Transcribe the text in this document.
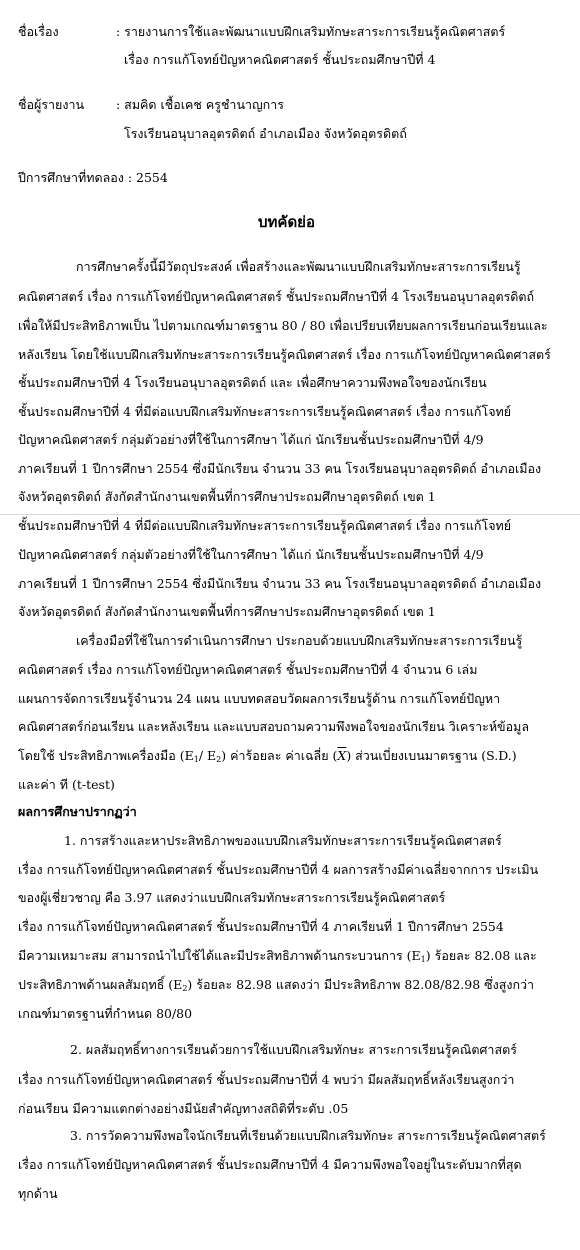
ชื่อเรื่อง	: รายงานการใช้และพัฒนาแบบฝึกเสริมทักษะสาระการเรียนรู้คณิตศาสตร์
เรื่อง การแก้โจทย์ปัญหาคณิตศาสตร์ ชั้นประถมศึกษาปีที่ 4
ชื่อผู้รายงาน	: สมคิด เชื้อเคช ครูชำนาญการ
โรงเรียนอนุบาลอุตรดิตถ์ อำเภอเมือง จังหวัดอุตรดิตถ์
ปีการศึกษาที่ทดลอง : 2554
บทคัดย่อ
การศึกษาครั้งนี้มีวัตถุประสงค์ เพื่อสร้างและพัฒนาแบบฝึกเสริมทักษะสาระการเรียนรู้
คณิตศาสตร์ เรื่อง การแก้โจทย์ปัญหาคณิตศาสตร์ ชั้นประถมศึกษาปีที่ 4 โรงเรียนอนุบาลอุตรดิตถ์
เพื่อให้มีประสิทธิภาพเป็น ไปตามเกณฑ์มาตรฐาน 80 / 80 เพื่อเปรียบเทียบผลการเรียนก่อนเรียนและ
หลังเรียน โดยใช้แบบฝึกเสริมทักษะสาระการเรียนรู้คณิตศาสตร์ เรื่อง การแก้โจทย์ปัญหาคณิตศาสตร์
ชั้นประถมศึกษาปีที่ 4 โรงเรียนอนุบาลอุตรดิตถ์ และ เพื่อศึกษาความพึงพอใจของนักเรียน
ชั้นประถมศึกษาปีที่ 4 ที่มีต่อแบบฝึกเสริมทักษะสาระการเรียนรู้คณิตศาสตร์ เรื่อง การแก้โจทย์
ปัญหาคณิตศาสตร์ กลุ่มตัวอย่างที่ใช้ในการศึกษา ได้แก่ นักเรียนชั้นประถมศึกษาปีที่ 4/9
ภาคเรียนที่ 1 ปีการศึกษา 2554 ซึ่งมีนักเรียน จำนวน 33 คน โรงเรียนอนุบาลอุตรดิตถ์ อำเภอเมือง
จังหวัดอุตรดิตถ์ สังกัดสำนักงานเขตพื้นที่การศึกษาประถมศึกษาอุตรดิตถ์ เขต 1
ชั้นประถมศึกษาปีที่ 4 ที่มีต่อแบบฝึกเสริมทักษะสาระการเรียนรู้คณิตศาสตร์ เรื่อง การแก้โจทย์
ปัญหาคณิตศาสตร์ กลุ่มตัวอย่างที่ใช้ในการศึกษา ได้แก่ นักเรียนชั้นประถมศึกษาปีที่ 4/9
ภาคเรียนที่ 1 ปีการศึกษา 2554 ซึ่งมีนักเรียน จำนวน 33 คน โรงเรียนอนุบาลอุตรดิตถ์ อำเภอเมือง
จังหวัดอุตรดิตถ์ สังกัดสำนักงานเขตพื้นที่การศึกษาประถมศึกษาอุตรดิตถ์ เขต 1
เครื่องมือที่ใช้ในการดำเนินการศึกษา ประกอบด้วยแบบฝึกเสริมทักษะสาระการเรียนรู้
คณิตศาสตร์ เรื่อง การแก้โจทย์ปัญหาคณิตศาสตร์ ชั้นประถมศึกษาปีที่ 4 จำนวน 6 เล่ม
แผนการจัดการเรียนรู้จำนวน 24 แผน แบบทดสอบวัดผลการเรียนรู้ด้าน การแก้โจทย์ปัญหา
คณิตศาสตร์ก่อนเรียน และหลังเรียน และแบบสอบถามความพึงพอใจของนักเรียน วิเคราะห์ข้อมูล
โดยใช้ ประสิทธิภาพเครื่องมือ ($E_1/$ $E_2$) ค่าร้อยละ ค่าเฉลี่ย $(\overline{X})$ ส่วนเบี่ยงเบนมาตรฐาน (S.D.)
และค่า ที (t-test)
ผลการศึกษาปรากฏว่า
1. การสร้างและหาประสิทธิภาพของแบบฝึกเสริมทักษะสาระการเรียนรู้คณิตศาสตร์
เรื่อง การแก้โจทย์ปัญหาคณิตศาสตร์ ชั้นประถมศึกษาปีที่ 4 ผลการสร้างมีค่าเฉลี่ยจากการ ประเมิน
ของผู้เชี่ยวชาญ คือ 3.97 แสดงว่าแบบฝึกเสริมทักษะสาระการเรียนรู้คณิตศาสตร์
เรื่อง การแก้โจทย์ปัญหาคณิตศาสตร์ ชั้นประถมศึกษาปีที่ 4 ภาคเรียนที่ 1 ปีการศึกษา 2554
มีความเหมาะสม สามารถนำไปใช้ได้และมีประสิทธิภาพด้านกระบวนการ $(E_1)$ ร้อยละ 82.08 และ
ประสิทธิภาพด้านผลสัมฤทธิ์ $(E_2)$ ร้อยละ 82.98 แสดงว่า มีประสิทธิภาพ 82.08/82.98 ซึ่งสูงกว่า
เกณฑ์มาตรฐานที่กำหนด 80/80
2. ผลสัมฤทธิ์ทางการเรียนด้วยการใช้แบบฝึกเสริมทักษะ สาระการเรียนรู้คณิตศาสตร์
เรื่อง การแก้โจทย์ปัญหาคณิตศาสตร์ ชั้นประถมศึกษาปีที่ 4 พบว่า มีผลสัมฤทธิ์หลังเรียนสูงกว่า
ก่อนเรียน มีความแตกต่างอย่างมีนัยสำคัญทางสถิติที่ระดับ .05
3. การวัดความพึงพอใจนักเรียนที่เรียนด้วยแบบฝึกเสริมทักษะ สาระการเรียนรู้คณิตศาสตร์
เรื่อง การแก้โจทย์ปัญหาคณิตศาสตร์ ชั้นประถมศึกษาปีที่ 4 มีความพึงพอใจอยู่ในระดับมากที่สุด
ทุกด้าน
